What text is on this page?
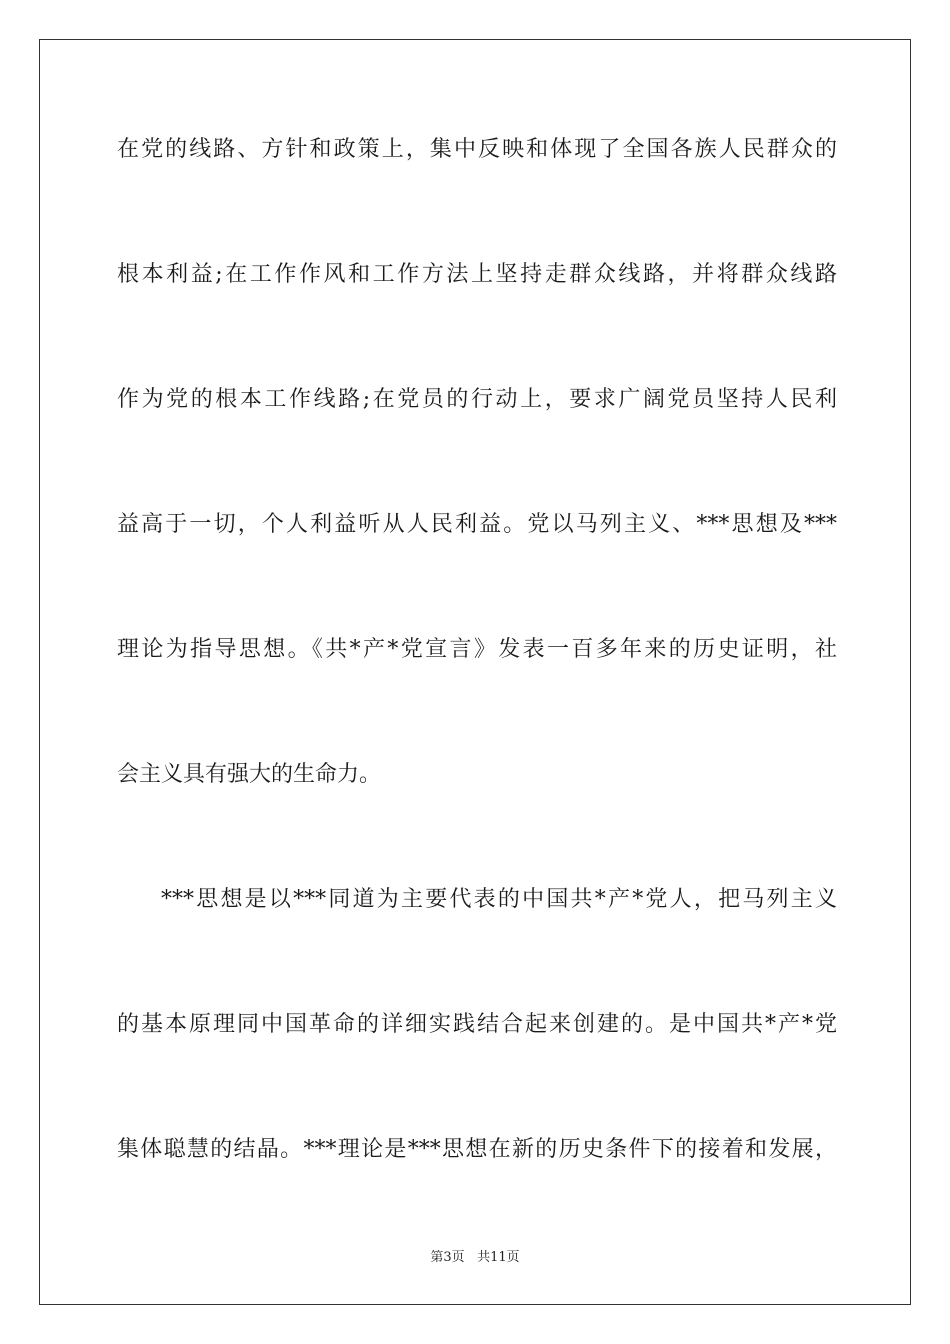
在党的线路、方针和政策上，集中反映和体现了全国各族人民群众的
根本利益;在工作作风和工作方法上坚持走群众线路，并将群众线路
作为党的根本工作线路;在党员的行动上，要求广阔党员坚持人民利
益高于一切，个人利益听从人民利益。党以马列主义、***思想及***
理论为指导思想。《共*产*党宣言》发表一百多年来的历史证明，社
会主义具有强大的生命力。
***思想是以***同道为主要代表的中国共*产*党人，把马列主义
的基本原理同中国革命的详细实践结合起来创建的。是中国共*产*党
集体聪慧的结晶。***理论是***思想在新的历史条件下的接着和发展，
第3页 共11页
